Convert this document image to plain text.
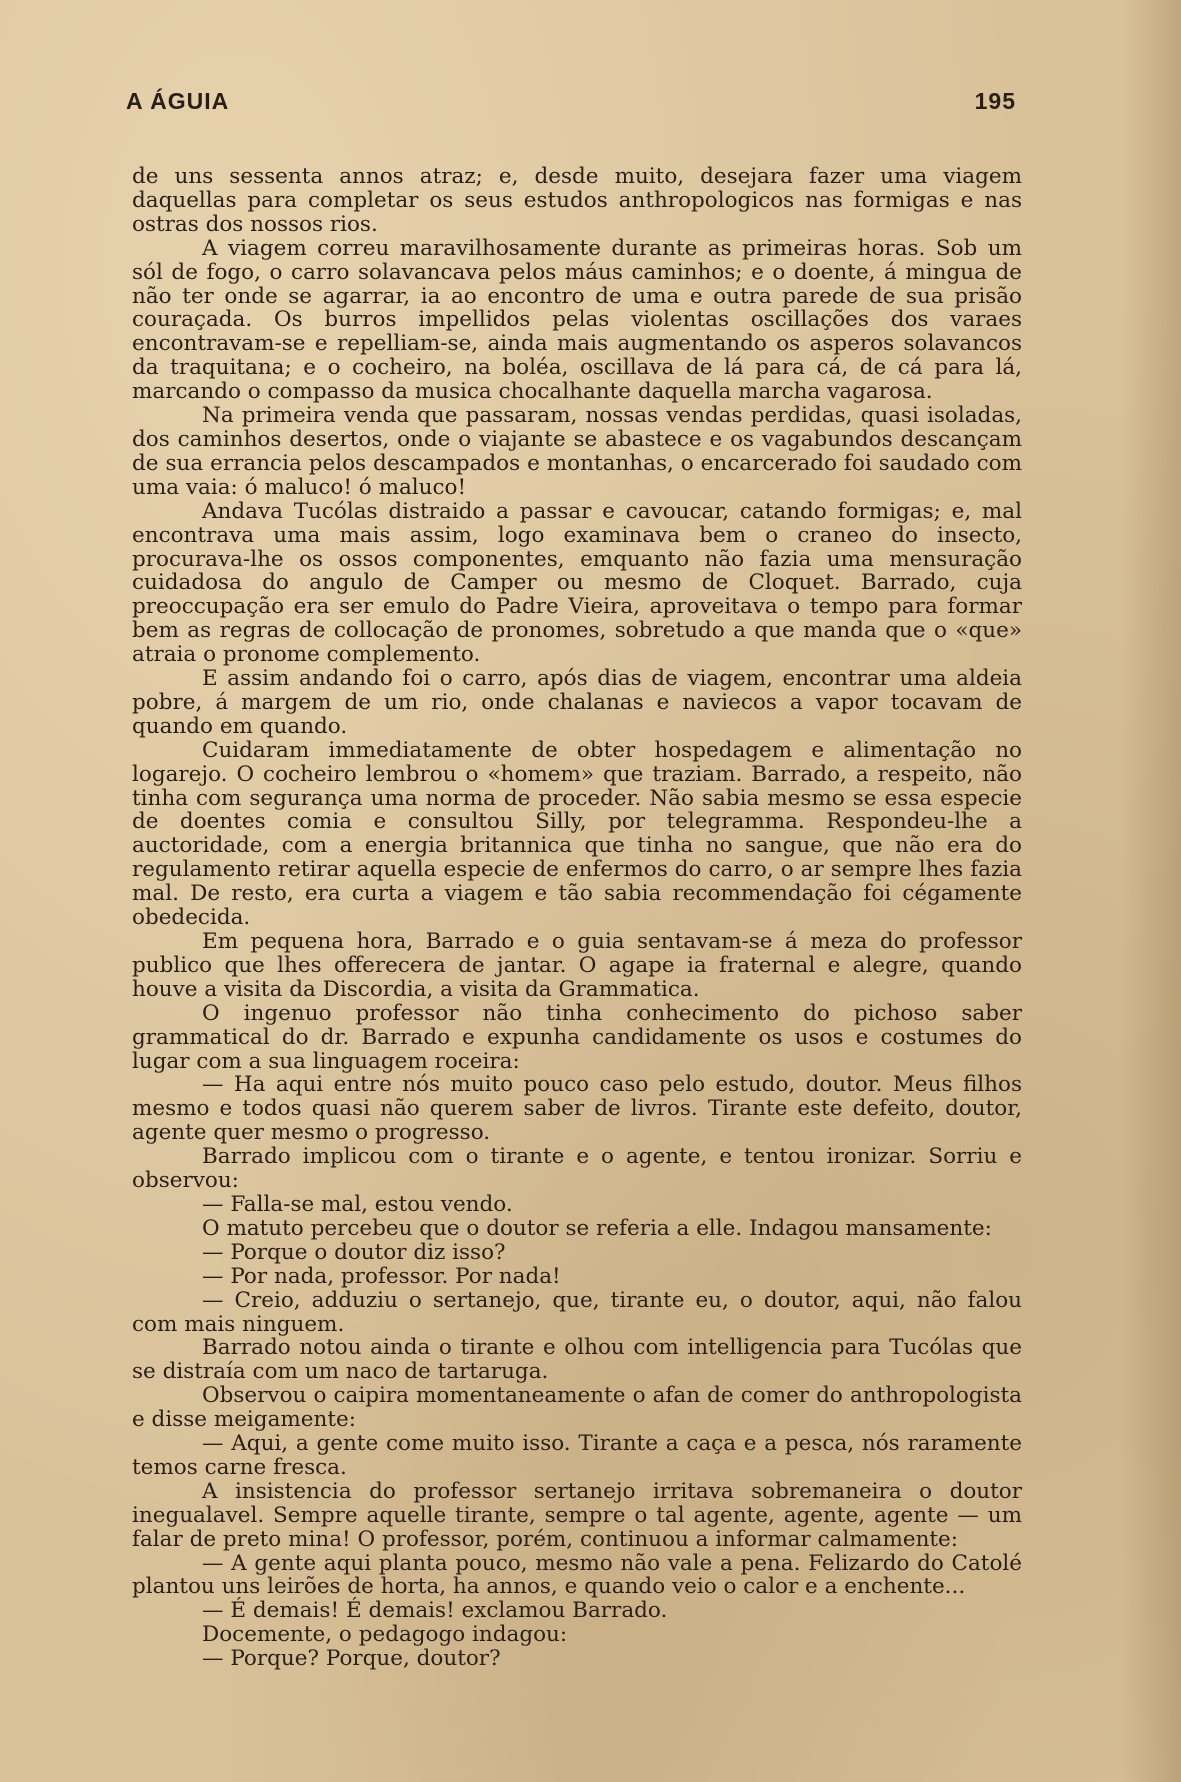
A ÁGUIA	195

de uns sessenta annos atraz; e, desde muito, desejara fazer uma viagem daquellas para completar os seus estudos anthropologicos nas formigas e nas ostras dos nossos rios.

A viagem correu maravilhosamente durante as primeiras horas. Sob um sól de fogo, o carro solavancava pelos máus caminhos; e o doente, á mingua de não ter onde se agarrar, ia ao encontro de uma e outra parede de sua prisão couraçada. Os burros impellidos pelas violentas oscillações dos varaes encontravam-se e repelliam-se, ainda mais augmentando os asperos solavancos da traquitana; e o cocheiro, na boléa, oscillava de lá para cá, de cá para lá, marcando o compasso da musica chocalhante daquella marcha vagarosa.

Na primeira venda que passaram, nossas vendas perdidas, quasi isoladas, dos caminhos desertos, onde o viajante se abastece e os vagabundos descançam de sua errancia pelos descampados e montanhas, o encarcerado foi saudado com uma vaia: ó maluco! ó maluco!

Andava Tucólas distraido a passar e cavoucar, catando formigas; e, mal encontrava uma mais assim, logo examinava bem o craneo do insecto, procurava-lhe os ossos componentes, emquanto não fazia uma mensuração cuidadosa do angulo de Camper ou mesmo de Cloquet. Barrado, cuja preoccupação era ser emulo do Padre Vieira, aproveitava o tempo para formar bem as regras de collocação de pronomes, sobretudo a que manda que o «que» atraia o pronome complemento.

E assim andando foi o carro, após dias de viagem, encontrar uma aldeia pobre, á margem de um rio, onde chalanas e naviecos a vapor tocavam de quando em quando.

Cuidaram immediatamente de obter hospedagem e alimentação no logarejo. O cocheiro lembrou o «homem» que traziam. Barrado, a respeito, não tinha com segurança uma norma de proceder. Não sabia mesmo se essa especie de doentes comia e consultou Silly, por telegramma. Respondeu-lhe a auctoridade, com a energia britannica que tinha no sangue, que não era do regulamento retirar aquella especie de enfermos do carro, o ar sempre lhes fazia mal. De resto, era curta a viagem e tão sabia recommendação foi cégamente obedecida.

Em pequena hora, Barrado e o guia sentavam-se á meza do professor publico que lhes offerecera de jantar. O agape ia fraternal e alegre, quando houve a visita da Discordia, a visita da Grammatica.

O ingenuo professor não tinha conhecimento do pichoso saber grammatical do dr. Barrado e expunha candidamente os usos e costumes do lugar com a sua linguagem roceira:

— Ha aqui entre nós muito pouco caso pelo estudo, doutor. Meus filhos mesmo e todos quasi não querem saber de livros. Tirante este defeito, doutor, agente quer mesmo o progresso.

Barrado implicou com o tirante e o agente, e tentou ironizar. Sorriu e observou:

— Falla-se mal, estou vendo.

O matuto percebeu que o doutor se referia a elle. Indagou mansamente:

— Porque o doutor diz isso?

— Por nada, professor. Por nada!

— Creio, adduziu o sertanejo, que, tirante eu, o doutor, aqui, não falou com mais ninguem.

Barrado notou ainda o tirante e olhou com intelligencia para Tucólas que se distraía com um naco de tartaruga.

Observou o caipira momentaneamente o afan de comer do anthropologista e disse meigamente:

— Aqui, a gente come muito isso. Tirante a caça e a pesca, nós raramente temos carne fresca.

A insistencia do professor sertanejo irritava sobremaneira o doutor inegualavel. Sempre aquelle tirante, sempre o tal agente, agente, agente — um falar de preto mina! O professor, porém, continuou a informar calmamente:

— A gente aqui planta pouco, mesmo não vale a pena. Felizardo do Catolé plantou uns leirões de horta, ha annos, e quando veio o calor e a enchente...

— É demais! É demais! exclamou Barrado.

Docemente, o pedagogo indagou:

— Porque? Porque, doutor?
